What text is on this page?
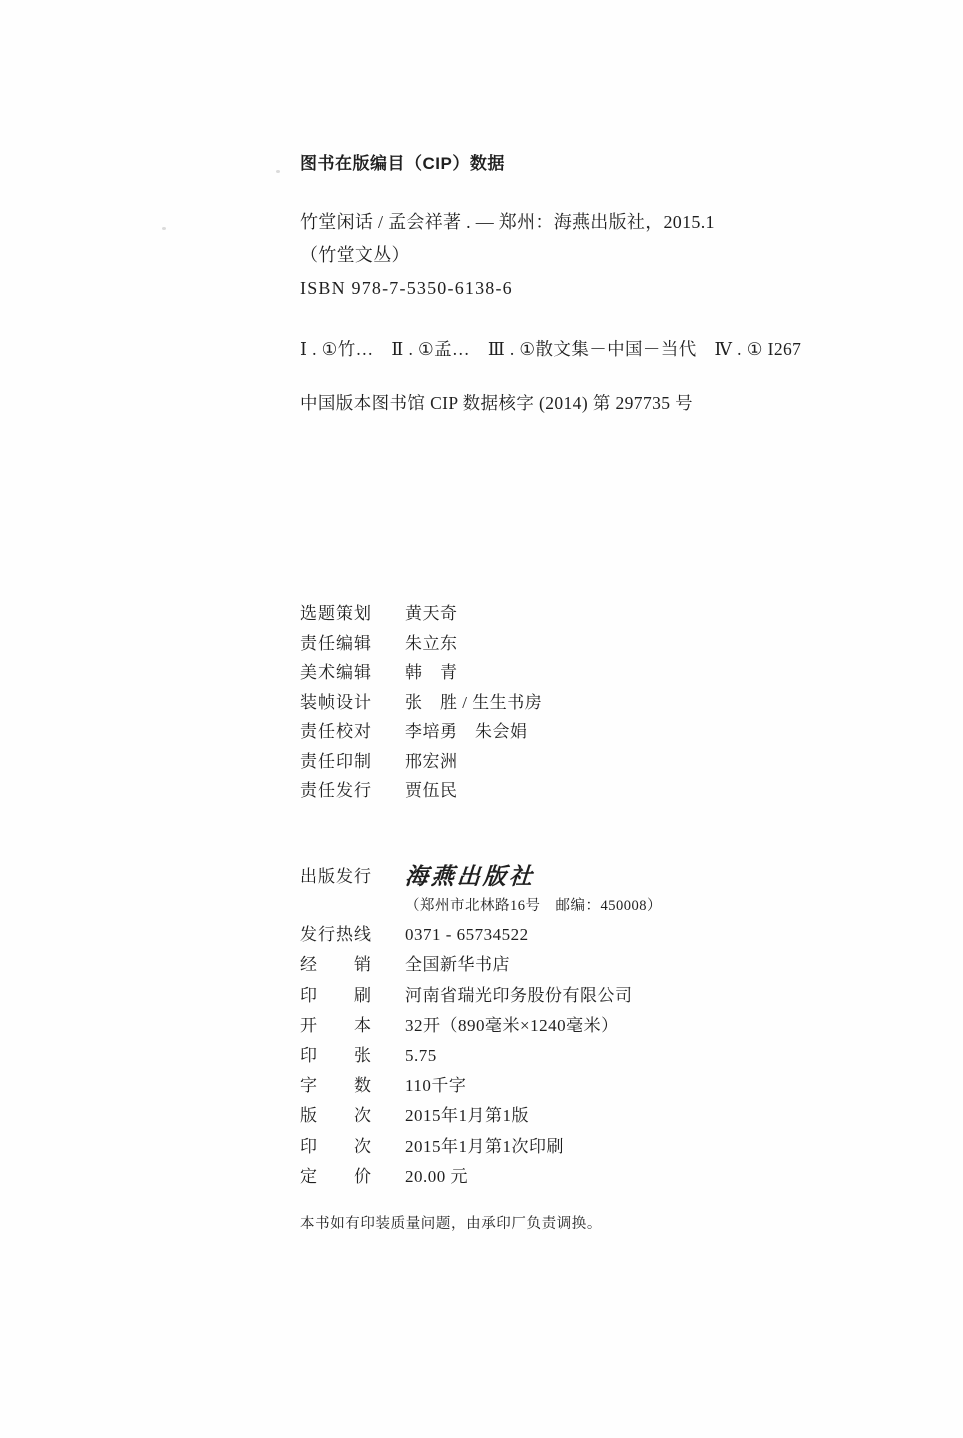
图书在版编目（CIP）数据
竹堂闲话 / 孟会祥著 . — 郑州：海燕出版社，2015.1
（竹堂文丛）
ISBN 978-7-5350-6138-6
Ⅰ . ①竹…　Ⅱ . ①孟…　Ⅲ . ①散文集－中国－当代　Ⅳ . ① I267
中国版本图书馆 CIP 数据核字 (2014) 第 297735 号
选题策划 黄天奇
责任编辑 朱立东
美术编辑 韩　青
装帧设计 张　胜 / 生生书房
责任校对 李培勇　朱会娟
责任印制 邢宏洲
责任发行 贾伍民
出版发行 海燕出版社
（郑州市北林路16号　邮编：450008）
发行热线 0371 - 65734522
经　　销 全国新华书店
印　　刷 河南省瑞光印务股份有限公司
开　　本 32开（890毫米×1240毫米）
印　　张 5.75
字　　数 110千字
版　　次 2015年1月第1版
印　　次 2015年1月第1次印刷
定　　价 20.00 元
本书如有印装质量问题，由承印厂负责调换。
